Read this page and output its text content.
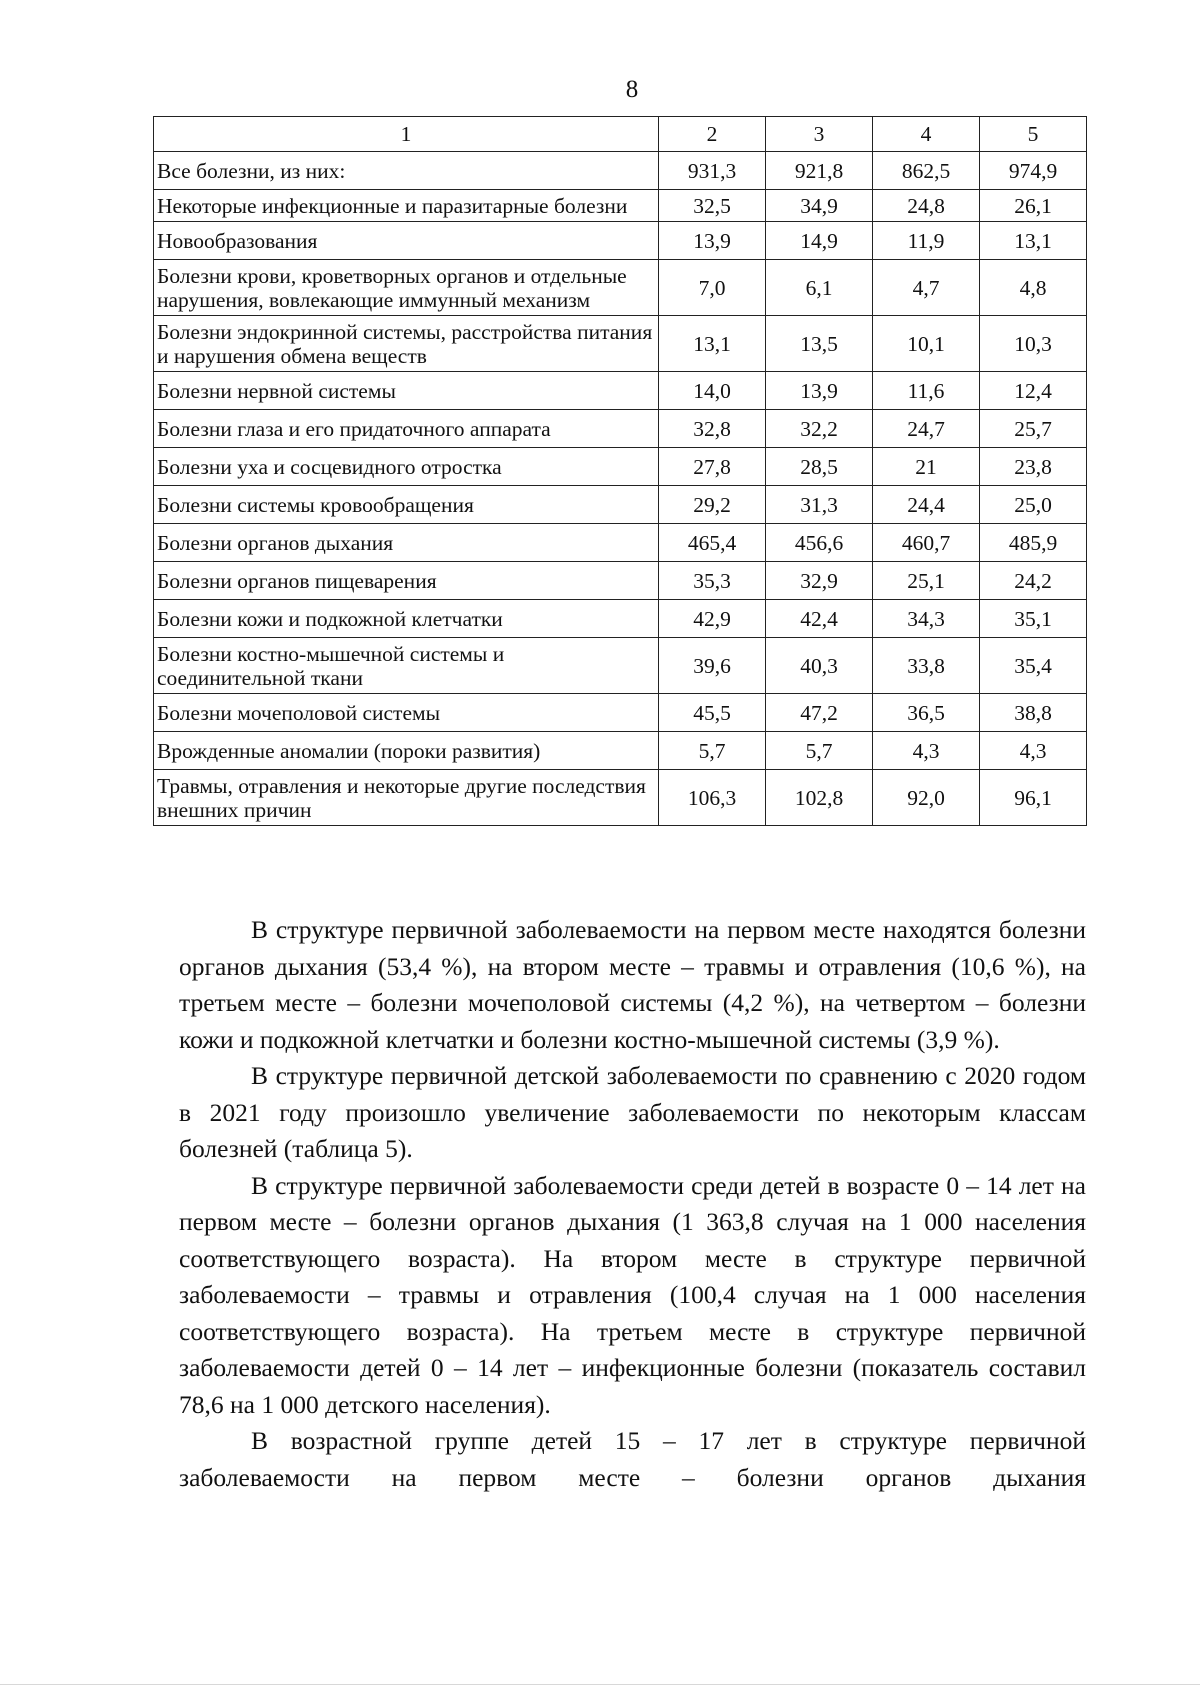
8
1	2	3	4	5
Все болезни, из них:	931,3	921,8	862,5	974,9
Некоторые инфекционные и паразитарные болезни	32,5	34,9	24,8	26,1
Новообразования	13,9	14,9	11,9	13,1
Болезни крови, кроветворных органов и отдельные нарушения, вовлекающие иммунный механизм	7,0	6,1	4,7	4,8
Болезни эндокринной системы, расстройства питания и нарушения обмена веществ	13,1	13,5	10,1	10,3
Болезни нервной системы	14,0	13,9	11,6	12,4
Болезни глаза и его придаточного аппарата	32,8	32,2	24,7	25,7
Болезни уха и сосцевидного отростка	27,8	28,5	21	23,8
Болезни системы кровообращения	29,2	31,3	24,4	25,0
Болезни органов дыхания	465,4	456,6	460,7	485,9
Болезни органов пищеварения	35,3	32,9	25,1	24,2
Болезни кожи и подкожной клетчатки	42,9	42,4	34,3	35,1
Болезни костно-мышечной системы и соединительной ткани	39,6	40,3	33,8	35,4
Болезни мочеполовой системы	45,5	47,2	36,5	38,8
Врожденные аномалии (пороки развития)	5,7	5,7	4,3	4,3
Травмы, отравления и некоторые другие последствия внешних причин	106,3	102,8	92,0	96,1

В структуре первичной заболеваемости на первом месте находятся болезни органов дыхания (53,4 %), на втором месте – травмы и отравления (10,6 %), на третьем месте – болезни мочеполовой системы (4,2 %), на четвертом – болезни кожи и подкожной клетчатки и болезни костно-мышечной системы (3,9 %).

В структуре первичной детской заболеваемости по сравнению с 2020 годом в 2021 году произошло увеличение заболеваемости по некоторым классам болезней (таблица 5).

В структуре первичной заболеваемости среди детей в возрасте 0 – 14 лет на первом месте – болезни органов дыхания (1 363,8 случая на 1 000 населения соответствующего возраста). На втором месте в структуре первичной заболеваемости – травмы и отравления (100,4 случая на 1 000 населения соответствующего возраста). На третьем месте в структуре первичной заболеваемости детей 0 – 14 лет – инфекционные болезни (показатель составил 78,6 на 1 000 детского населения).

В возрастной группе детей 15 – 17 лет в структуре первичной заболеваемости на первом месте – болезни органов дыхания
